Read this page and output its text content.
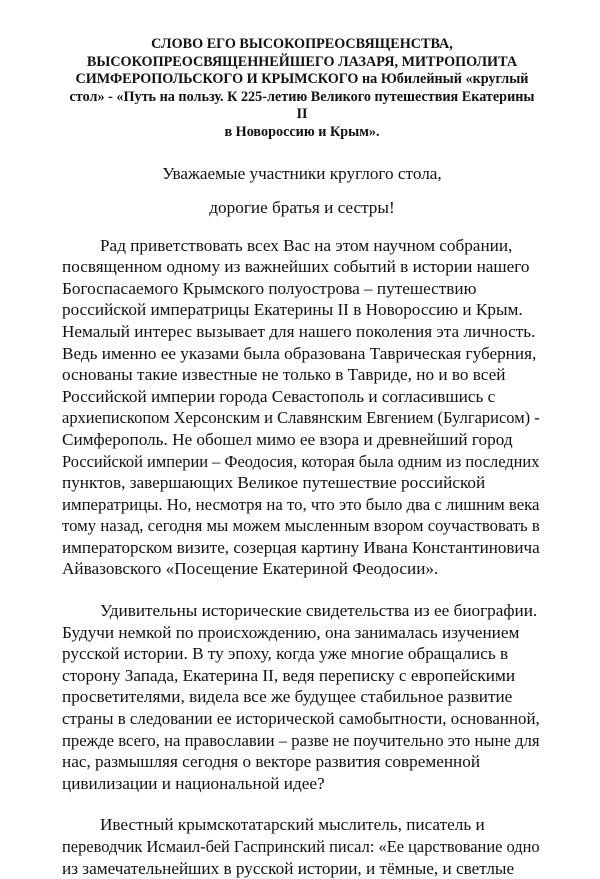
СЛОВО ЕГО ВЫСОКОПРЕОСВЯЩЕНСТВА,
ВЫСОКОПРЕОСВЯЩЕННЕЙШЕГО ЛАЗАРЯ, МИТРОПОЛИТА
СИМФЕРОПОЛЬСКОГО И КРЫМСКОГО на Юбилейный «круглый
стол» - «Путь на пользу. К 225-летию Великого путешествия Екатерины II
в Новороссию и Крым».

Уважаемые участники круглого стола,

дорогие братья и сестры!

Рад приветствовать всех Вас на этом научном собрании,
посвященном одному из важнейших событий в истории нашего
Богоспасаемого Крымского полуострова – путешествию
российской императрицы Екатерины II в Новороссию и Крым.
Немалый интерес вызывает для нашего поколения эта личность.
Ведь именно ее указами была образована Таврическая губерния,
основаны такие известные не только в Тавриде, но и во всей
Российской империи города Севастополь и согласившись с
архиепископом Херсонским и Славянским Евгением (Булгарисом) -
Симферополь. Не обошел мимо ее взора и древнейший город
Российской империи – Феодосия, которая была одним из последних
пунктов, завершающих Великое путешествие российской
императрицы. Но, несмотря на то, что это было два с лишним века
тому назад, сегодня мы можем мысленным взором соучаствовать в
императорском визите, созерцая картину Ивана Константиновича
Айвазовского «Посещение Екатериной Феодосии».
Удивительны исторические свидетельства из ее биографии.
Будучи немкой по происхождению, она занималась изучением
русской истории. В ту эпоху, когда уже многие обращались в
сторону Запада, Екатерина II, ведя переписку с европейскими
просветителями, видела все же будущее стабильное развитие
страны в следовании ее исторической самобытности, основанной,
прежде всего, на православии – разве не поучительно это ныне для
нас, размышляя сегодня о векторе развития современной
цивилизации и национальной идее?
Ивестный крымскотатарский мыслитель, писатель и
переводчик Исмаил-бей Гаспринский писал: «Ее царствование одно
из замечательнейших в русской истории, и тёмные, и светлые
